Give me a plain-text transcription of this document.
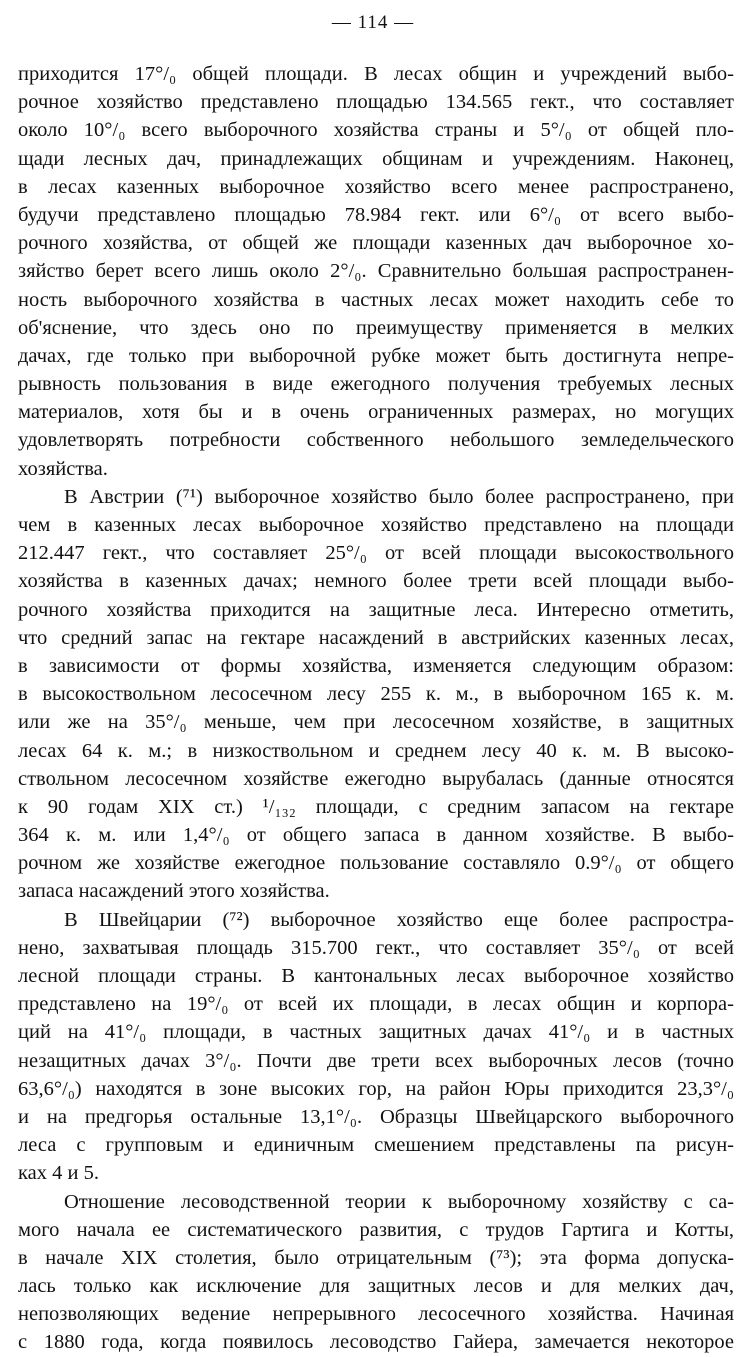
— 114 —
приходится 17°/₀ общей площади. В лесах общин и учреждений выбо-
рочное хозяйство представлено площадью 134.565 гект., что составляет
около 10°/₀ всего выборочного хозяйства страны и 5°/₀ от общей пло-
щади лесных дач, принадлежащих общинам и учреждениям. Наконец,
в лесах казенных выборочное хозяйство всего менее распространено,
будучи представлено площадью 78.984 гект. или 6°/₀ от всего выбо-
рочного хозяйства, от общей же площади казенных дач выборочное хо-
зяйство берет всего лишь около 2°/₀. Сравнительно большая распространен-
ность выборочного хозяйства в частных лесах может находить себе то
об'яснение, что здесь оно по преимуществу применяется в мелких
дачах, где только при выборочной рубке может быть достигнута непре-
рывность пользования в виде ежегодного получения требуемых лесных
материалов, хотя бы и в очень ограниченных размерах, но могущих
удовлетворять потребности собственного небольшого земледельческого
хозяйства.
В Австрии (⁷¹) выборочное хозяйство было более распространено, при
чем в казенных лесах выборочное хозяйство представлено на площади
212.447 гект., что составляет 25°/₀ от всей площади высокоствольного
хозяйства в казенных дачах; немного более трети всей площади выбо-
рочного хозяйства приходится на защитные леса. Интересно отметить,
что средний запас на гектаре насаждений в австрийских казенных лесах,
в зависимости от формы хозяйства, изменяется следующим образом:
в высокоствольном лесосечном лесу 255 к. м., в выборочном 165 к. м.
или же на 35°/₀ меньше, чем при лесосечном хозяйстве, в защитных
лесах 64 к. м.; в низкоствольном и среднем лесу 40 к. м. В высоко-
ствольном лесосечном хозяйстве ежегодно вырубалась (данные относятся
к 90 годам XIX ст.) ¹/₁₃₂ площади, с средним запасом на гектаре
364 к. м. или 1,4°/₀ от общего запаса в данном хозяйстве. В выбо-
рочном же хозяйстве ежегодное пользование составляло 0.9°/₀ от общего
запаса насаждений этого хозяйства.
В Швейцарии (⁷²) выборочное хозяйство еще более распростра-
нено, захватывая площадь 315.700 гект., что составляет 35°/₀ от всей
лесной площади страны. В кантональных лесах выборочное хозяйство
представлено на 19°/₀ от всей их площади, в лесах общин и корпора-
ций на 41°/₀ площади, в частных защитных дачах 41°/₀ и в частных
незащитных дачах 3°/₀. Почти две трети всех выборочных лесов (точно
63,6°/₀) находятся в зоне высоких гор, на район Юры приходится 23,3°/₀
и на предгорья остальные 13,1°/₀. Образцы Швейцарского выборочного
леса с групповым и единичным смешением представлены па рисун-
ках 4 и 5.
Отношение лесоводственной теории к выборочному хозяйству с са-
мого начала ее систематического развития, с трудов Гартига и Котты,
в начале XIX столетия, было отрицательным (⁷³); эта форма допуска-
лась только как исключение для защитных лесов и для мелких дач,
непозволяющих ведение непрерывного лесосечного хозяйства. Начиная
с 1880 года, когда появилось лесоводство Гайера, замечается некоторое
